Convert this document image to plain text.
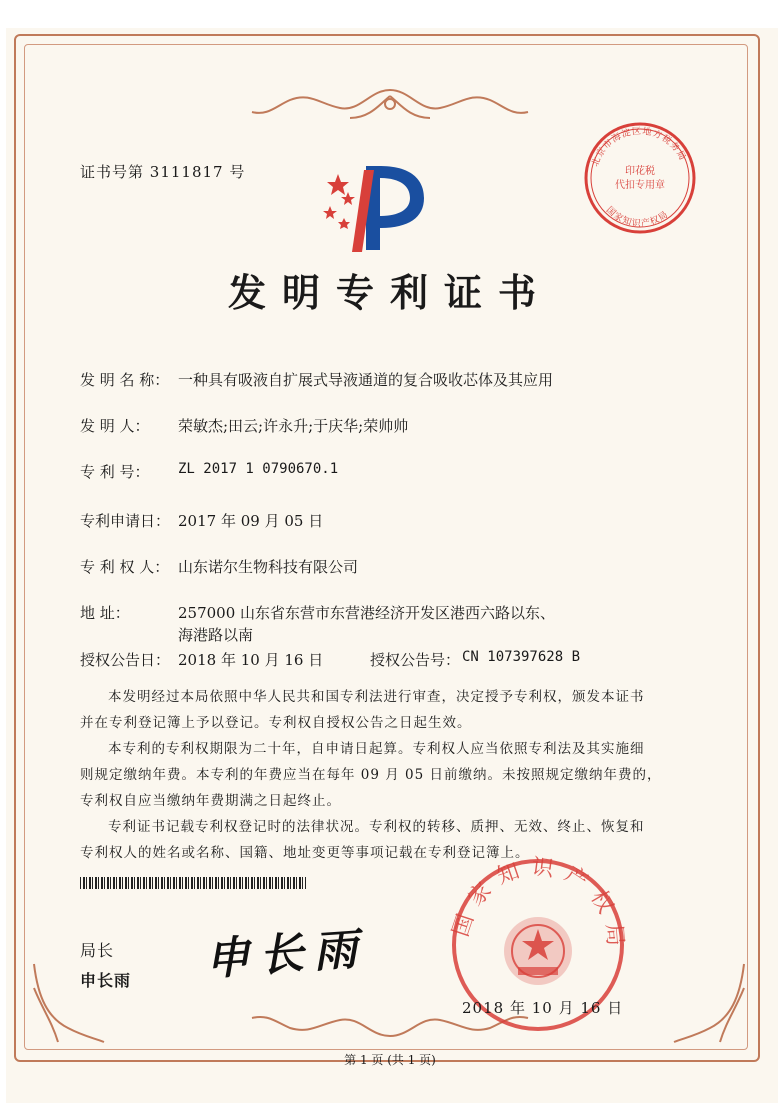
证书号第 3111817 号
北京市海淀区地方税务局
印花税
代扣专用章
国家知识产权局
发明专利证书
发 明 名 称： 一种具有吸液自扩展式导液通道的复合吸收芯体及其应用
发 明 人： 荣敏杰;田云;许永升;于庆华;荣帅帅
专 利 号： ZL 2017 1 0790670.1
专利申请日： 2017 年 09 月 05 日
专 利 权 人： 山东诺尔生物科技有限公司
地 址：	257000 山东省东营市东营港经济开发区港西六路以东、
海港路以南
授权公告日： 2018 年 10 月 16 日	授权公告号： CN 107397628 B
本发明经过本局依照中华人民共和国专利法进行审查，决定授予专利权，颁发本证书
并在专利登记簿上予以登记。专利权自授权公告之日起生效。
本专利的专利权期限为二十年，自申请日起算。专利权人应当依照专利法及其实施细
则规定缴纳年费。本专利的年费应当在每年 09 月 05 日前缴纳。未按照规定缴纳年费的，
专利权自应当缴纳年费期满之日起终止。
专利证书记载专利权登记时的法律状况。专利权的转移、质押、无效、终止、恢复和
专利权人的姓名或名称、国籍、地址变更等事项记载在专利登记簿上。
局长
申长雨 申长雨
国家知识产权局
2018 年 10 月 16 日
第 1 页 (共 1 页)
